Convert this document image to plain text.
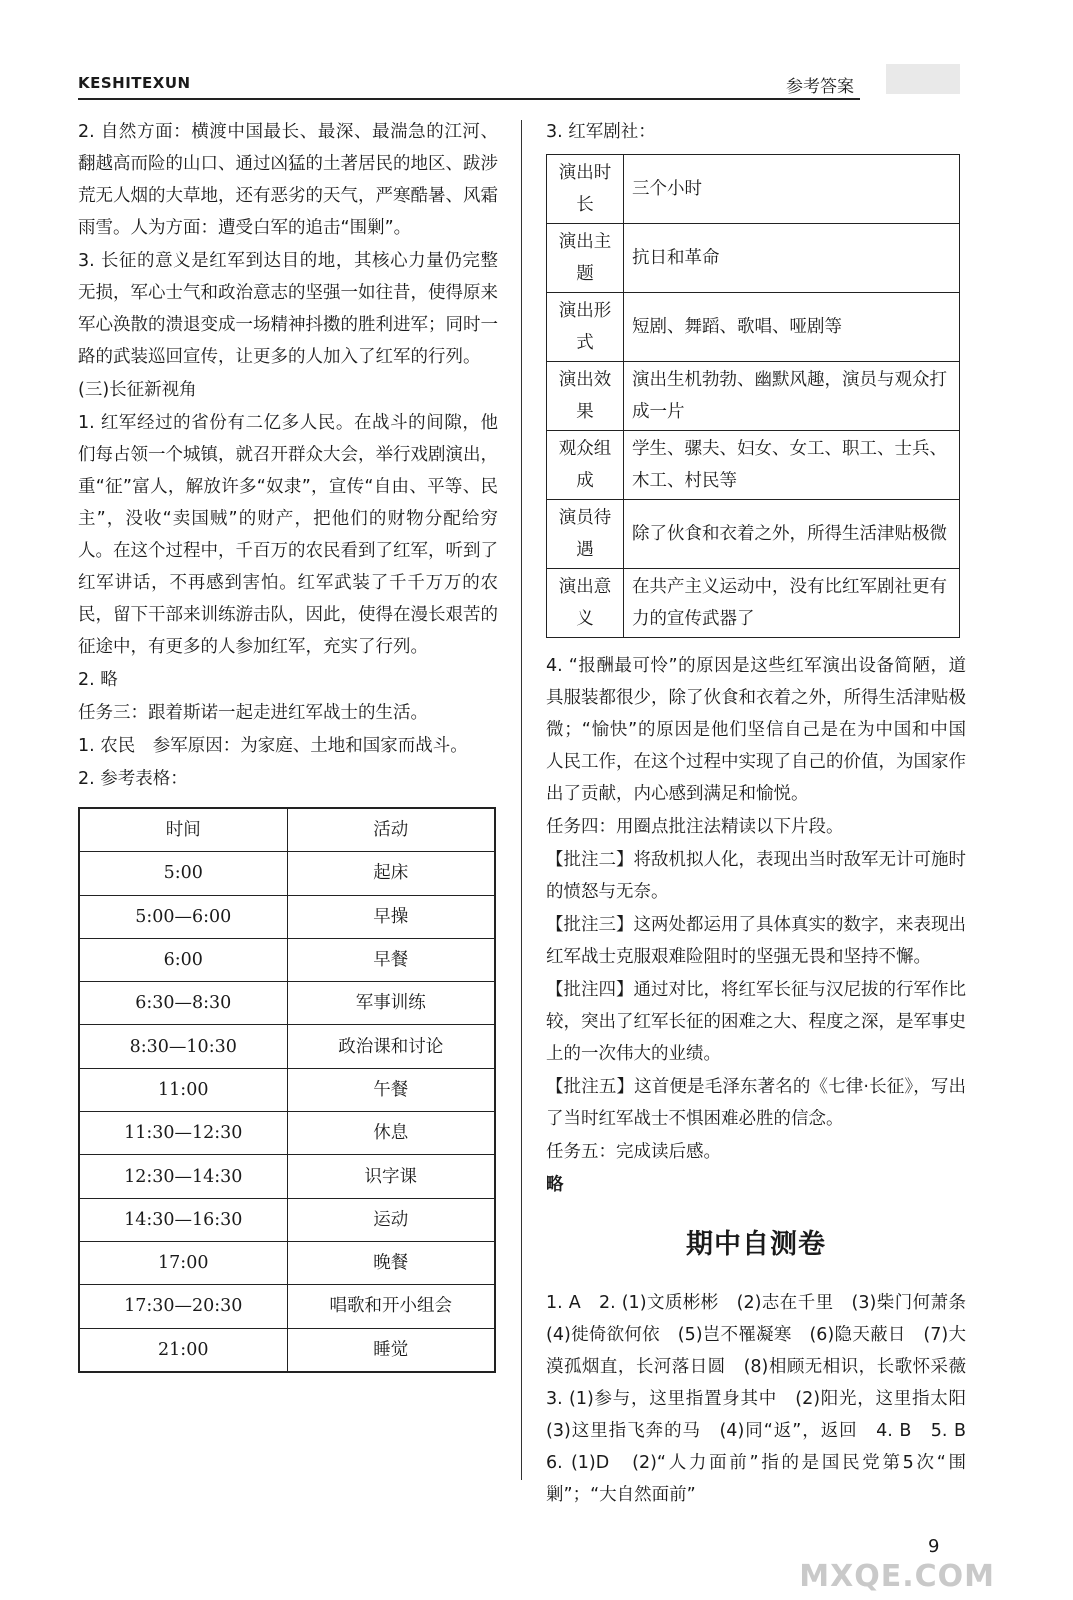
KESHITEXUN	参考答案

2. 自然方面：横渡中国最长、最深、最湍急的江河、翻越高而险的山口、通过凶猛的土著居民的地区、跋涉荒无人烟的大草地，还有恶劣的天气，严寒酷暑、风霜雨雪。人为方面：遭受白军的追击“围剿”。

3. 长征的意义是红军到达目的地，其核心力量仍完整无损，军心士气和政治意志的坚强一如往昔，使得原来军心涣散的溃退变成一场精神抖擞的胜利进军；同时一路的武装巡回宣传，让更多的人加入了红军的行列。

(三)长征新视角

1. 红军经过的省份有二亿多人民。在战斗的间隙，他们每占领一个城镇，就召开群众大会，举行戏剧演出，重“征”富人，解放许多“奴隶”，宣传“自由、平等、民主”，没收“卖国贼”的财产，把他们的财物分配给穷人。在这个过程中，千百万的农民看到了红军，听到了红军讲话，不再感到害怕。红军武装了千千万万的农民，留下干部来训练游击队，因此，使得在漫长艰苦的征途中，有更多的人参加红军，充实了行列。

2. 略

任务三：跟着斯诺一起走进红军战士的生活。

1. 农民　参军原因：为家庭、土地和国家而战斗。

2. 参考表格：

时间	活动
5:00	起床
5:00—6:00	早操
6:00	早餐
6:30—8:30	军事训练
8:30—10:30	政治课和讨论
11:00	午餐
11:30—12:30	休息
12:30—14:30	识字课
14:30—16:30	运动
17:00	晚餐
17:30—20:30	唱歌和开小组会
21:00	睡觉

3. 红军剧社：

演出时长	三个小时
演出主题	抗日和革命
演出形式	短剧、舞蹈、歌唱、哑剧等
演出效果	演出生机勃勃、幽默风趣，演员与观众打成一片
观众组成	学生、骡夫、妇女、女工、职工、士兵、木工、村民等
演员待遇	除了伙食和衣着之外，所得生活津贴极微
演出意义	在共产主义运动中，没有比红军剧社更有力的宣传武器了

4. “报酬最可怜”的原因是这些红军演出设备简陋，道具服装都很少，除了伙食和衣着之外，所得生活津贴极微；“愉快”的原因是他们坚信自己是在为中国和中国人民工作，在这个过程中实现了自己的价值，为国家作出了贡献，内心感到满足和愉悦。

任务四：用圈点批注法精读以下片段。

【批注二】将敌机拟人化，表现出当时敌军无计可施时的愤怒与无奈。

【批注三】这两处都运用了具体真实的数字，来表现出红军战士克服艰难险阻时的坚强无畏和坚持不懈。

【批注四】通过对比，将红军长征与汉尼拔的行军作比较，突出了红军长征的困难之大、程度之深，是军事史上的一次伟大的业绩。

【批注五】这首便是毛泽东著名的《七律·长征》，写出了当时红军战士不惧困难必胜的信念。

任务五：完成读后感。

略

期中自测卷

1. A　2. (1)文质彬彬　(2)志在千里　(3)柴门何萧条　(4)徙倚欲何依　(5)岂不罹凝寒　(6)隐天蔽日　(7)大漠孤烟直，长河落日圆　(8)相顾无相识，长歌怀采薇　3. (1)参与，这里指置身其中　(2)阳光，这里指太阳　(3)这里指飞奔的马　(4)同“返”，返回　4. B　5. B　6. (1)D　(2)“人力面前”指的是国民党第5次“围剿”；“大自然面前”

9
MXQE.COM
